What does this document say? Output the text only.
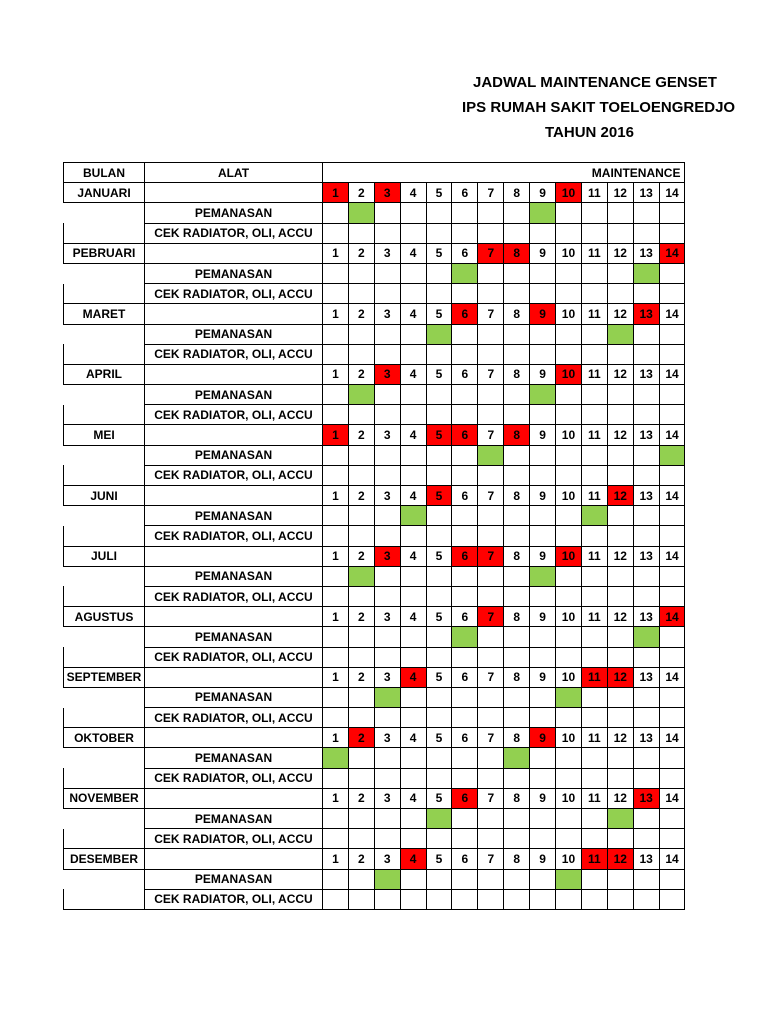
JADWAL MAINTENANCE GENSET
IPS RUMAH SAKIT TOELOENGREDJO
TAHUN 2016
BULAN	ALAT	MAINTENANCE													
JANUARI		1	2	3	4	5	6	7	8	9	10	11	12	13	14
	PEMANASAN														
	CEK RADIATOR, OLI, ACCU														
PEBRUARI		1	2	3	4	5	6	7	8	9	10	11	12	13	14
	PEMANASAN														
	CEK RADIATOR, OLI, ACCU														
MARET		1	2	3	4	5	6	7	8	9	10	11	12	13	14
	PEMANASAN														
	CEK RADIATOR, OLI, ACCU														
APRIL		1	2	3	4	5	6	7	8	9	10	11	12	13	14
	PEMANASAN														
	CEK RADIATOR, OLI, ACCU														
MEI		1	2	3	4	5	6	7	8	9	10	11	12	13	14
	PEMANASAN														
	CEK RADIATOR, OLI, ACCU														
JUNI		1	2	3	4	5	6	7	8	9	10	11	12	13	14
	PEMANASAN														
	CEK RADIATOR, OLI, ACCU														
JULI		1	2	3	4	5	6	7	8	9	10	11	12	13	14
	PEMANASAN														
	CEK RADIATOR, OLI, ACCU														
AGUSTUS		1	2	3	4	5	6	7	8	9	10	11	12	13	14
	PEMANASAN														
	CEK RADIATOR, OLI, ACCU														
SEPTEMBER		1	2	3	4	5	6	7	8	9	10	11	12	13	14
	PEMANASAN														
	CEK RADIATOR, OLI, ACCU														
OKTOBER		1	2	3	4	5	6	7	8	9	10	11	12	13	14
	PEMANASAN														
	CEK RADIATOR, OLI, ACCU														
NOVEMBER		1	2	3	4	5	6	7	8	9	10	11	12	13	14
	PEMANASAN														
	CEK RADIATOR, OLI, ACCU														
DESEMBER		1	2	3	4	5	6	7	8	9	10	11	12	13	14
	PEMANASAN														
	CEK RADIATOR, OLI, ACCU														
